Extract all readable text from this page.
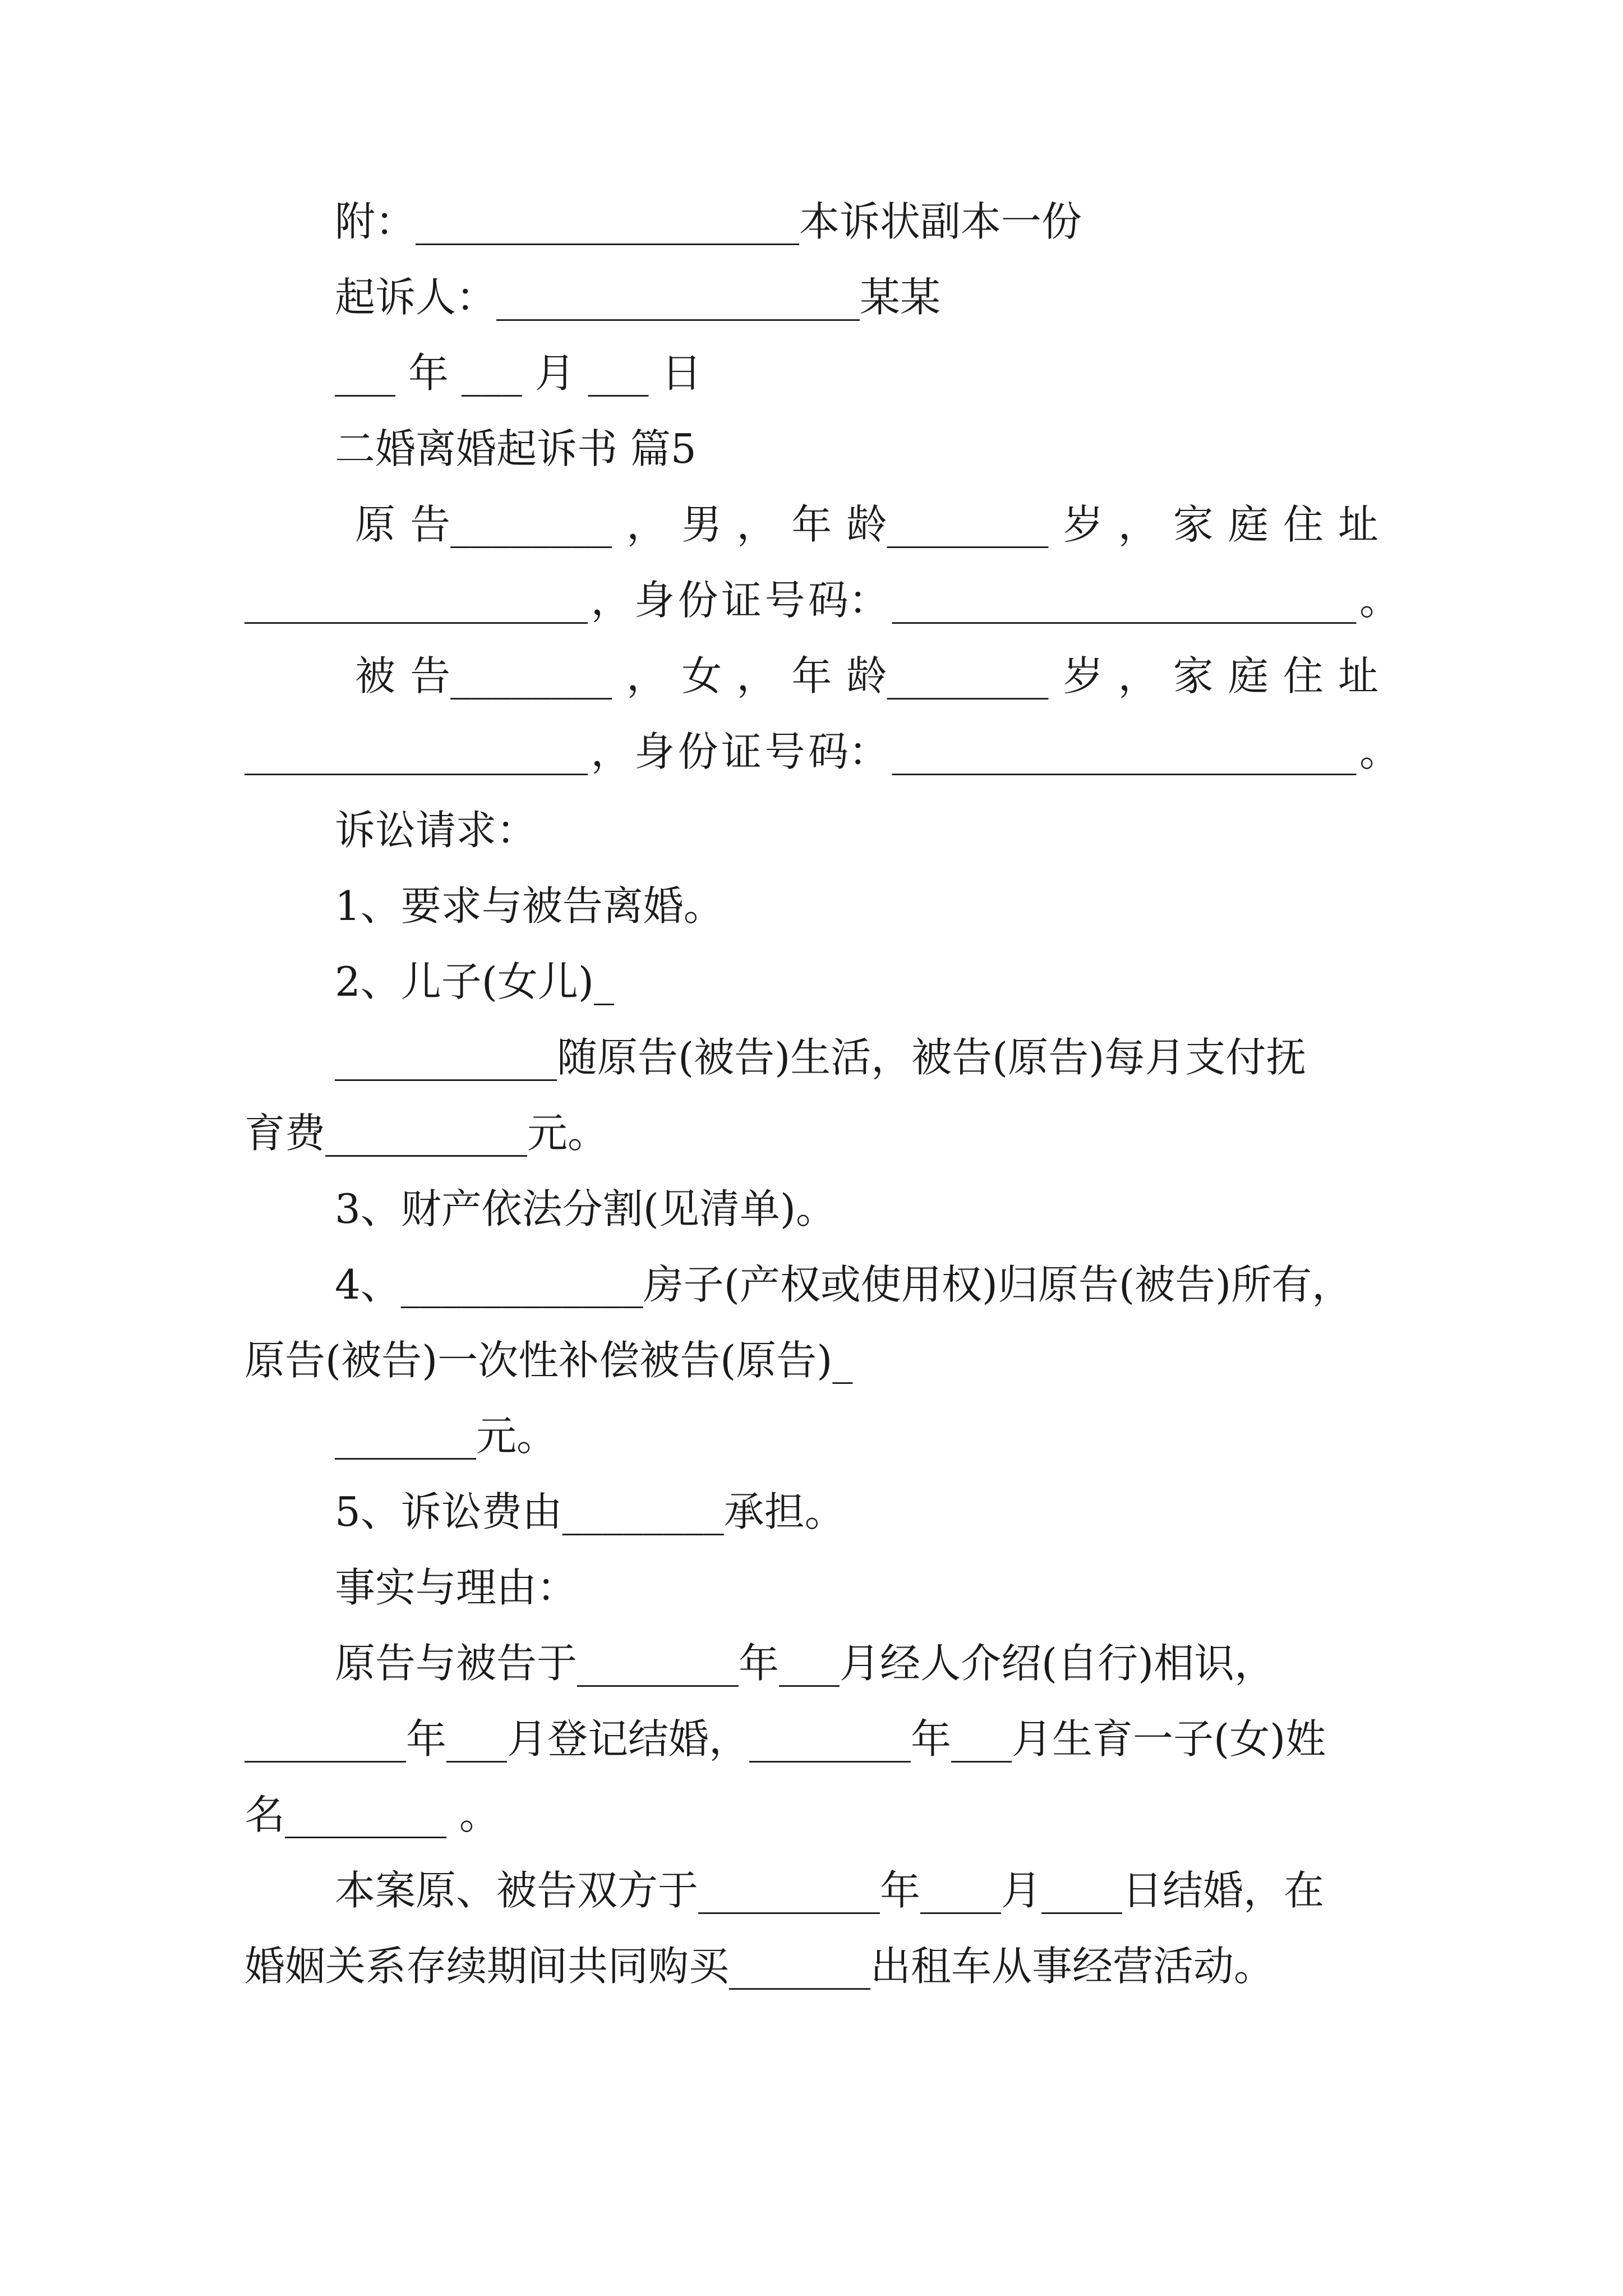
附：___________________本诉状副本一份

起诉人：__________________某某

___ 年 ___ 月 ___ 日

二婚离婚起诉书 篇5

原 告________ ， 男 ， 年 龄________ 岁 ， 家 庭 住 址
_________________ ， 身 份 证 号 码： _______________________ 。
被 告________ ， 女 ， 年 龄________ 岁 ， 家 庭 住 址
_________________ ， 身 份 证 号 码： _______________________ 。

诉讼请求：

1、要求与被告离婚。

2、儿子(女儿)_

___________随原告(被告)生活，被告(原告)每月支付抚

育费__________元。

3、财产依法分割(见清单)。

4、____________房子(产权或使用权)归原告(被告)所有，

原告(被告)一次性补偿被告(原告)_

_______元。

5、诉讼费由________承担。

事实与理由：

原告与被告于________年___月经人介绍(自行)相识，

________年___月登记结婚，________年___月生育一子(女)姓

名________ 。

本案原、被告双方于_________年____月____日结婚，在

婚姻关系存续期间共同购买_______出租车从事经营活动。
